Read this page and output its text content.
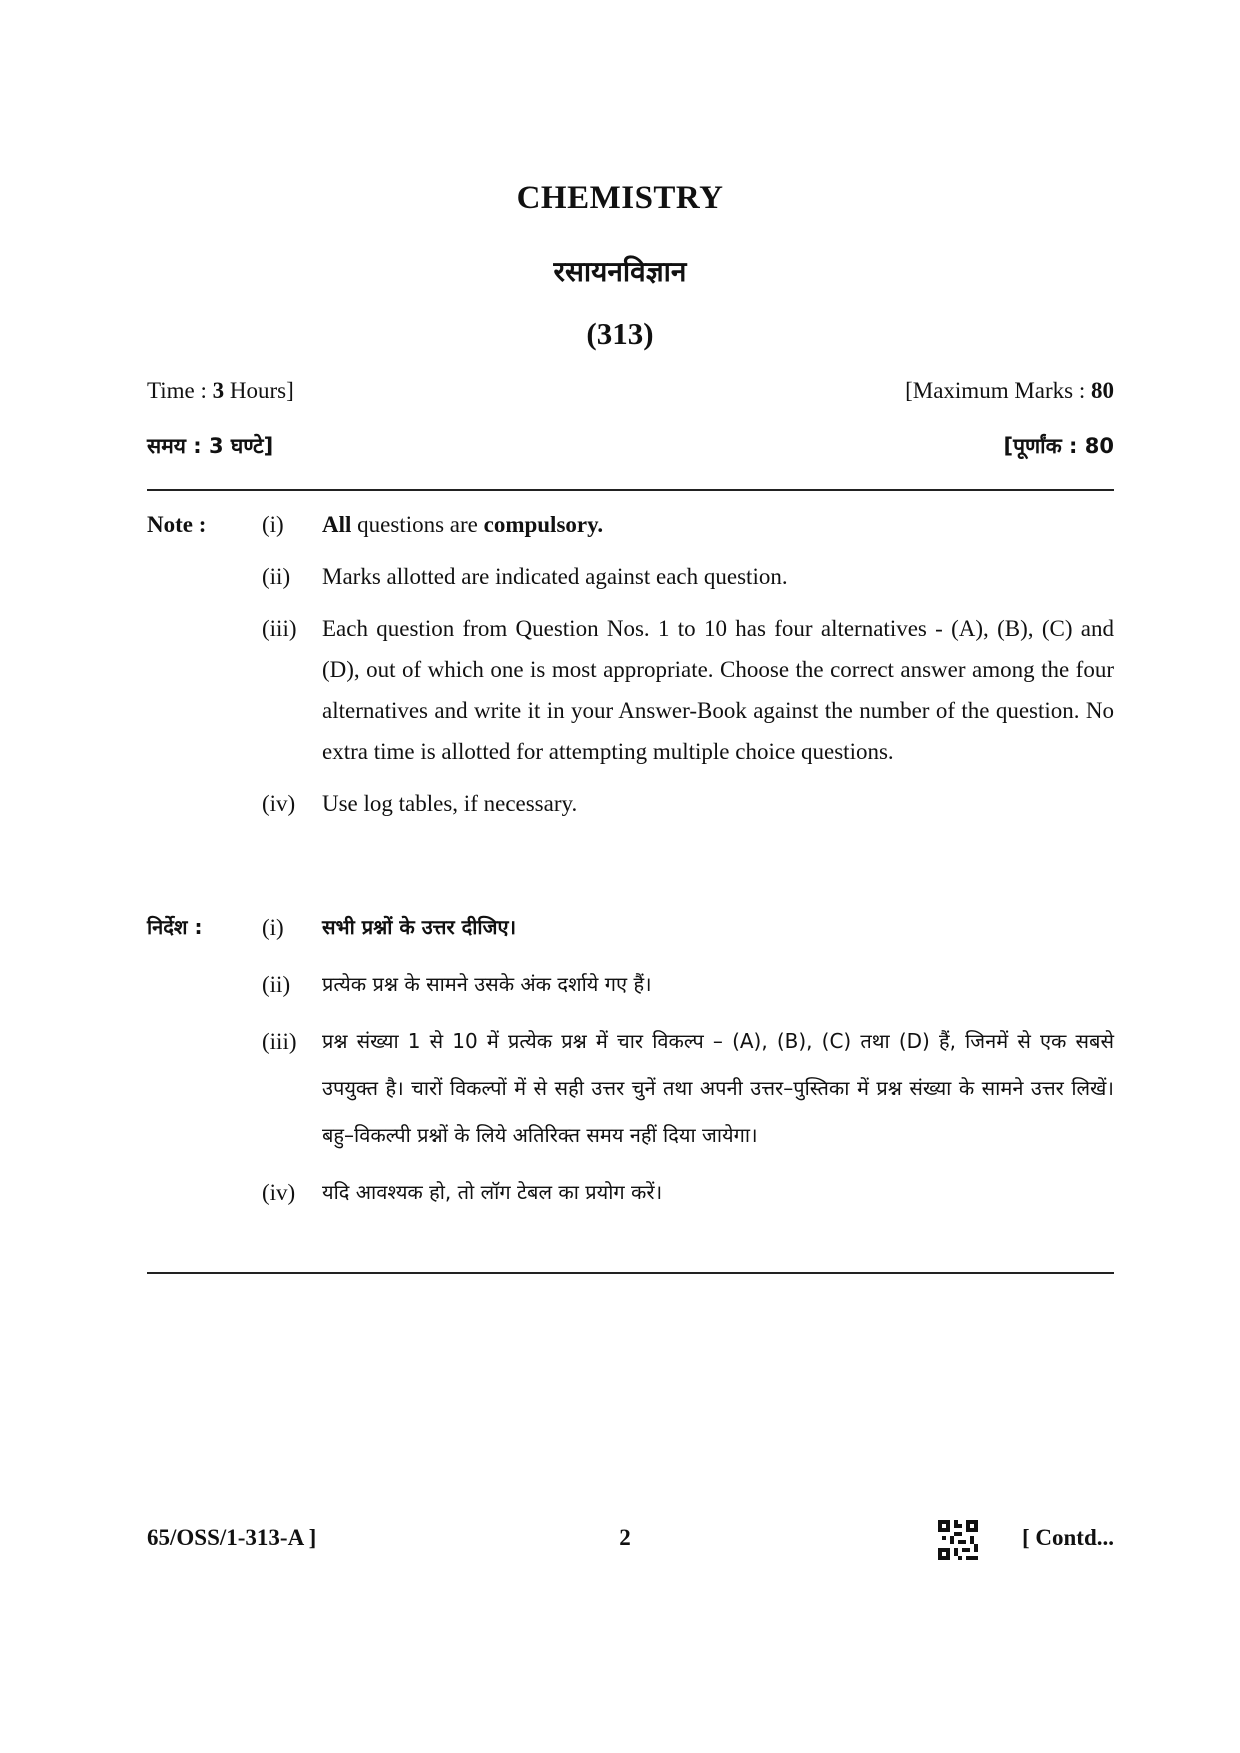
CHEMISTRY
रसायनविज्ञान
(313)
Time : 3 Hours]	[Maximum Marks : 80
समय : 3 घण्टे]	[पूर्णांक : 80
Note : (i)	All questions are compulsory.
(ii)	Marks allotted are indicated against each question.
(iii)	Each question from Question Nos. 1 to 10 has four alternatives - (A), (B), (C) and (D), out of which one is most appropriate. Choose the correct answer among the four alternatives and write it in your Answer-Book against the number of the question. No extra time is allotted for attempting multiple choice questions.
(iv)	Use log tables, if necessary.
निर्देश :	(i)	सभी प्रश्नों के उत्तर दीजिए।
(ii)	प्रत्येक प्रश्न के सामने उसके अंक दर्शाये गए हैं।
(iii)	प्रश्न संख्या 1 से 10 में प्रत्येक प्रश्न में चार विकल्प – (A), (B), (C) तथा (D) हैं, जिनमें से एक सबसे उपयुक्त है। चारों विकल्पों में से सही उत्तर चुनें तथा अपनी उत्तर–पुस्तिका में प्रश्न संख्या के सामने उत्तर लिखें। बहु–विकल्पी प्रश्नों के लिये अतिरिक्त समय नहीं दिया जायेगा।
(iv)	यदि आवश्यक हो, तो लॉग टेबल का प्रयोग करें।
65/OSS/1-313-A ]	2	[ Contd...
